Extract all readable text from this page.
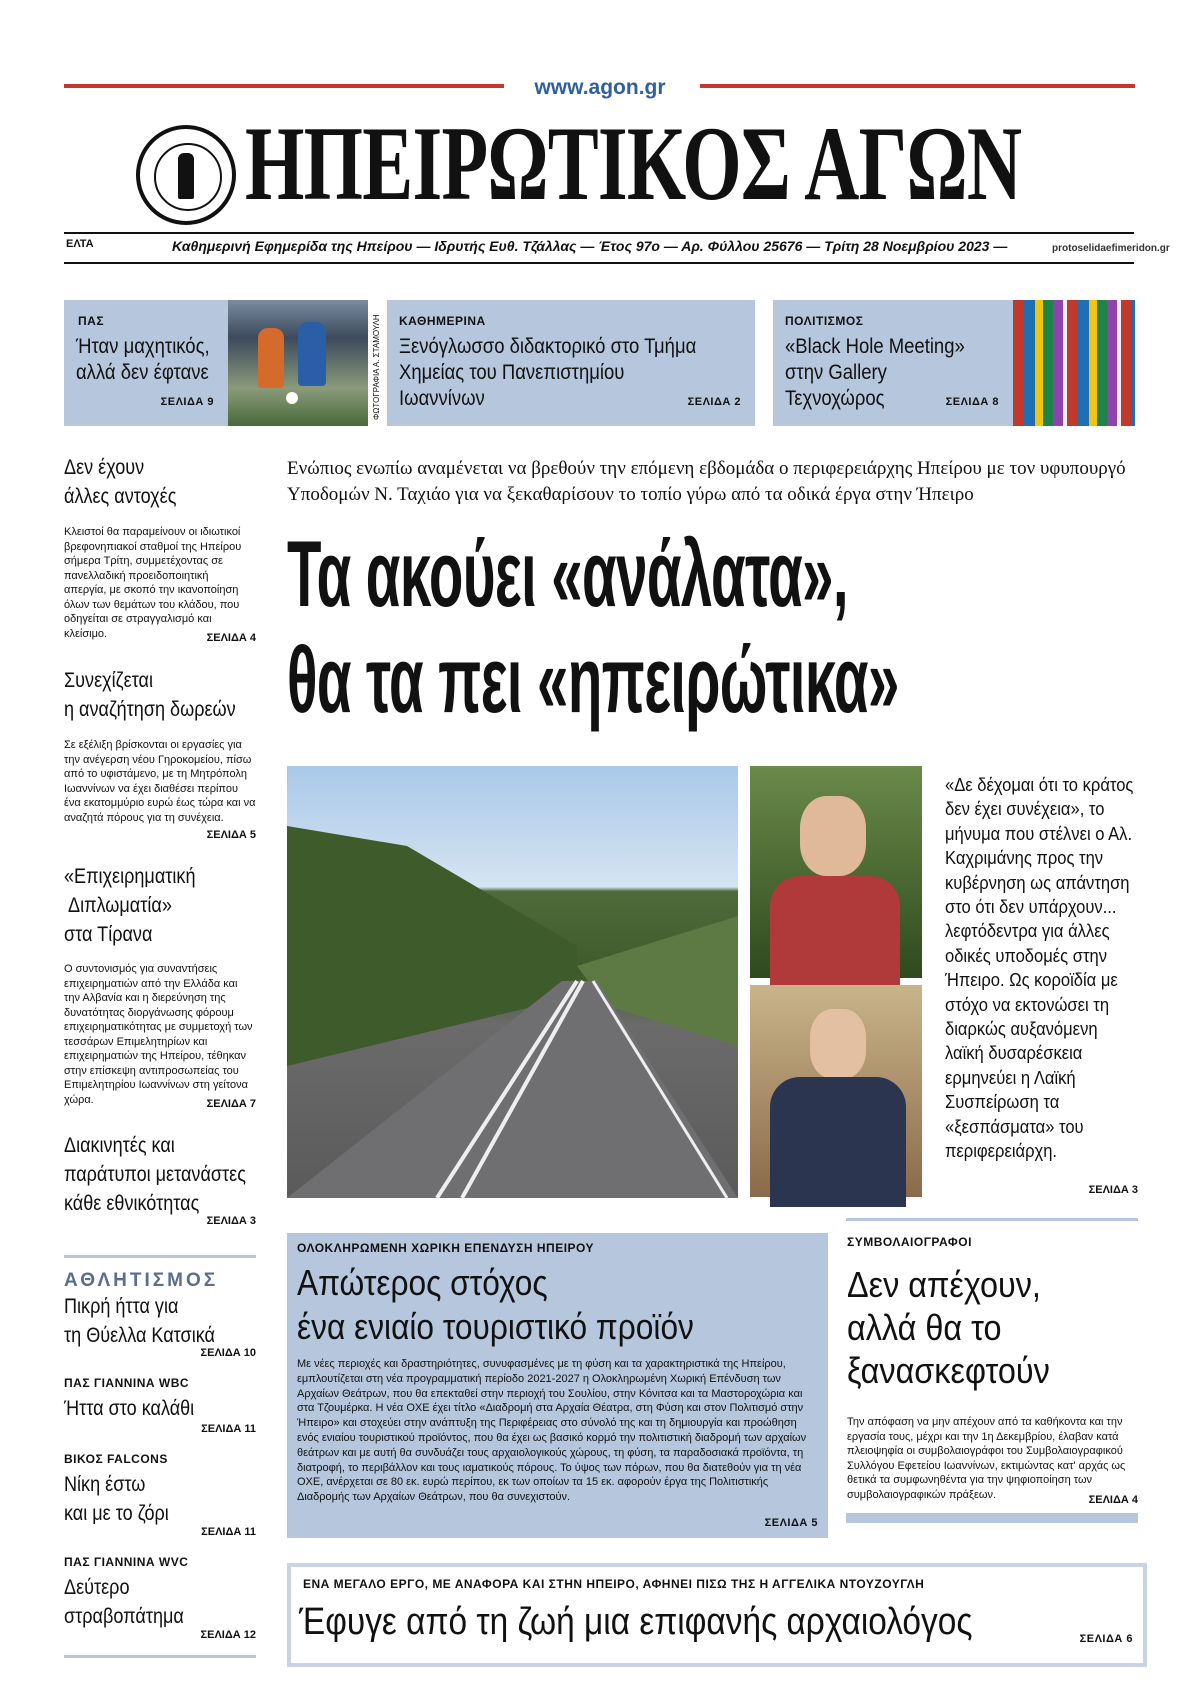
www.agon.gr
ΗΠΕΙΡΩΤΙΚΟΣ ΑΓΩΝ
ΕΛΤΑ	Καθημερινή Εφημερίδα της Ηπείρου — Ιδρυτής Ευθ. Τζάλλας — Έτος 97ο — Αρ. Φύλλου 25676 — Τρίτη 28 Νοεμβρίου 2023 —	protoselidaefimeridon.gr
ΠΑΣ
Ήταν μαχητικός,
αλλά δεν έφτανε
ΣΕΛΙΔΑ 9	ΦΩΤΟΓΡΑΦΙΑ Α. ΣΤΑΜΟΥΛΗ ΚΑΘΗΜΕΡΙΝΑ
Ξενόγλωσσο διδακτορικό στο Τμήμα
Χημείας του Πανεπιστημίου Ιωαννίνων	ΣΕΛΙΔΑ 2
ΠΟΛΙΤΙΣΜΟΣ
«Black Hole Meeting»
στην Gallery Τεχνοχώρος	ΣΕΛΙΔΑ 8
Δεν έχουν
άλλες αντοχές
Κλειστοί θα παραμείνουν οι ιδιωτικοί βρεφονηπιακοί σταθμοί της Ηπείρου σήμερα Τρίτη, συμμετέχοντας σε πανελλαδική προειδοποιητική απεργία, με σκοπό την ικανοποίηση όλων των θεμάτων του κλάδου, που οδηγείται σε στραγγαλισμό και κλείσιμο.	ΣΕΛΙΔΑ 4
Συνεχίζεται
η αναζήτηση δωρεών
Σε εξέλιξη βρίσκονται οι εργασίες για την ανέγερση νέου Γηροκομείου, πίσω από το υφιστάμενο, με τη Μητρόπολη Ιωαννίνων να έχει διαθέσει περίπου ένα εκατομμύριο ευρώ έως τώρα και να αναζητά πόρους για τη συνέχεια.
ΣΕΛΙΔΑ 5
«Επιχειρηματική
Διπλωματία»
στα Τίρανα
Ο συντονισμός για συναντήσεις επιχειρηματιών από την Ελλάδα και την Αλβανία και η διερεύνηση της δυνατότητας διοργάνωσης φόρουμ επιχειρηματικότητας με συμμετοχή των τεσσάρων Επιμελητηρίων και επιχειρηματιών της Ηπείρου, τέθηκαν στην επίσκεψη αντιπροσωπείας του Επιμελητηρίου Ιωαννίνων στη γείτονα χώρα.	ΣΕΛΙΔΑ 7
Διακινητές και
παράτυποι μετανάστες
κάθε εθνικότητας
ΣΕΛΙΔΑ 3
ΑΘΛΗΤΙΣΜΟΣ
Πικρή ήττα για
τη Θύελλα Κατσικά
ΣΕΛΙΔΑ 10
ΠΑΣ ΓΙΑΝΝΙΝΑ WBC
Ήττα στο καλάθι
ΣΕΛΙΔΑ 11
ΒΙΚΟΣ FALCONS
Νίκη έστω
και με το ζόρι
ΣΕΛΙΔΑ 11
ΠΑΣ ΓΙΑΝΝΙΝΑ WVC
Δεύτερο
στραβοπάτημα
ΣΕΛΙΔΑ 12
Ενώπιος ενωπίω αναμένεται να βρεθούν την επόμενη εβδομάδα ο περιφερειάρχης Ηπείρου με τον υφυπουργό Υποδομών Ν. Ταχιάο για να ξεκαθαρίσουν το τοπίο γύρω από τα οδικά έργα στην Ήπειρο
Τα ακούει «ανάλατα»,
θα τα πει «ηπειρώτικα»
«Δε δέχομαι ότι το κράτος δεν έχει συνέχεια», το μήνυμα που στέλνει ο Αλ. Καχριμάνης προς την κυβέρνηση ως απάντηση στο ότι δεν υπάρχουν... λεφτόδεντρα για άλλες οδικές υποδομές στην Ήπειρο. Ως κοροϊδία με στόχο να εκτονώσει τη διαρκώς αυξανόμενη λαϊκή δυσαρέσκεια ερμηνεύει η Λαϊκή Συσπείρωση τα «ξεσπάσματα» του περιφερειάρχη.
ΣΕΛΙΔΑ 3
ΟΛΟΚΛΗΡΩΜΕΝΗ ΧΩΡΙΚΗ ΕΠΕΝΔΥΣΗ ΗΠΕΙΡΟΥ
Απώτερος στόχος
ένα ενιαίο τουριστικό προϊόν
Με νέες περιοχές και δραστηριότητες, συνυφασμένες με τη φύση και τα χαρακτηριστικά της Ηπείρου, εμπλουτίζεται στη νέα προγραμματική περίοδο 2021-2027 η Ολοκληρωμένη Χωρική Επένδυση των Αρχαίων Θεάτρων, που θα επεκταθεί στην περιοχή του Σουλίου, στην Κόνιτσα και τα Μαστοροχώρια και στα Τζουμέρκα. Η νέα ΟΧΕ έχει τίτλο «Διαδρομή στα Αρχαία Θέατρα, στη Φύση και στον Πολιτισμό στην Ήπειρο» και στοχεύει στην ανάπτυξη της Περιφέρειας στο σύνολό της και τη δημιουργία και προώθηση ενός ενιαίου τουριστικού προϊόντος, που θα έχει ως βασικό κορμό την πολιτιστική διαδρομή των αρχαίων θεάτρων και με αυτή θα συνδυάζει τους αρχαιολογικούς χώρους, τη φύση, τα παραδοσιακά προϊόντα, τη διατροφή, το περιβάλλον και τους ιαματικούς πόρους. Το ύψος των πόρων, που θα διατεθούν για τη νέα ΟΧΕ, ανέρχεται σε 80 εκ. ευρώ περίπου, εκ των οποίων τα 15 εκ. αφορούν έργα της Πολιτιστικής Διαδρομής των Αρχαίων Θεάτρων, που θα συνεχιστούν.
ΣΕΛΙΔΑ 5
ΣΥΜΒΟΛΑΙΟΓΡΑΦΟΙ
Δεν απέχουν,
αλλά θα το
ξανασκεφτούν
Την απόφαση να μην απέχουν από τα καθήκοντα και την εργασία τους, μέχρι και την 1η Δεκεμβρίου, έλαβαν κατά πλειοψηφία οι συμβολαιογράφοι του Συμβολαιογραφικού Συλλόγου Εφετείου Ιωαννίνων, εκτιμώντας κατ' αρχάς ως θετικά τα συμφωνηθέντα για την ψηφιοποίηση των συμβολαιογραφικών πράξεων.	ΣΕΛΙΔΑ 4
ΕΝΑ ΜΕΓΑΛΟ ΕΡΓΟ, ΜΕ ΑΝΑΦΟΡΑ ΚΑΙ ΣΤΗΝ ΗΠΕΙΡΟ, ΑΦΗΝΕΙ ΠΙΣΩ ΤΗΣ Η ΑΓΓΕΛΙΚΑ ΝΤΟΥΖΟΥΓΛΗ
Έφυγε από τη ζωή μια επιφανής αρχαιολόγος	ΣΕΛΙΔΑ 6
